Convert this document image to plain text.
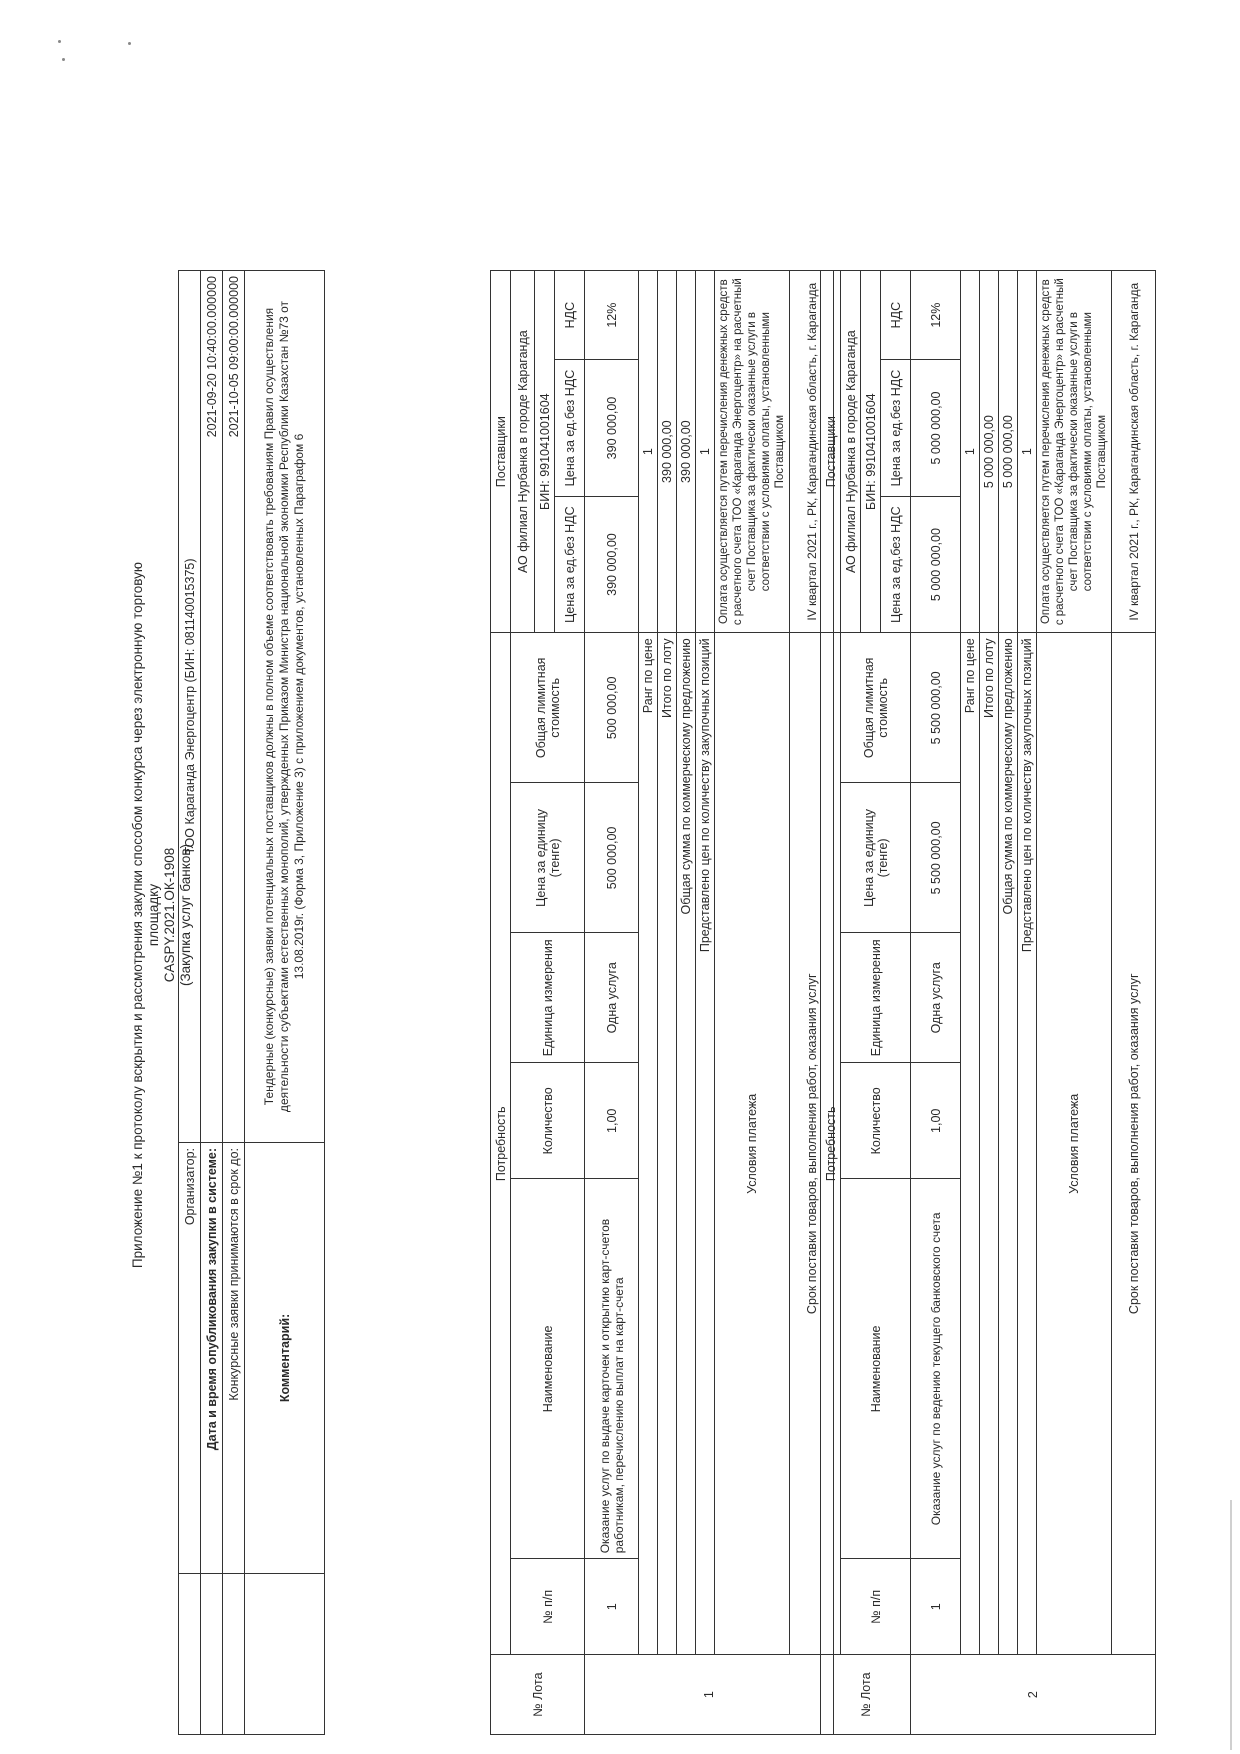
Приложение №1 к протоколу вскрытия и рассмотрения закупки способом конкурса через электронную торговую площадку CASPY.2021.ОК-1908 (Закупка услуг банков)
	Организатор:	ТОО Караганда Энергоцентр (БИН: 081140015375)
	Дата и время опубликования закупки в системе:	2021-09-20 10:40:00.000000
	Конкурсные заявки принимаются в срок до:	2021-10-05 09:00:00.000000
	Комментарий:	Тендерные (конкурсные) заявки потенциальных поставщиков должны в полном объеме соответствовать требованиям Правил осуществления деятельности субъектами естественных монополий, утвержденных Приказом Министра национальной экономики Республики Казахстан №73 от 13.08.2019г. (Форма 3, Приложение 3) с приложением документов, установленных Параграфом 6
№ Лота	Потребность						Поставщики		
	№ п/п	Наименование	Количество	Единица измерения	Цена за единицу (тенге)	Общая лимитная стоимость	АО филиал Нурбанка в городе Караганда		
							БИН: 991041001604		
							Цена за ед.без НДС	Цена за ед.без НДС	НДС
1	1	Оказание услуг по выдаче карточек и открытию карт-счетов работникам, перечислению выплат на карт-счета	1,00	Одна услуга	500 000,00	500 000,00	390 000,00	390 000,00	12%
	Ранг по цене						1		
	Итого по лоту						390 000,00		
	Общая сумма по коммерческому предложению						390 000,00		
	Представлено цен по количеству закупочных позиций						1		
	Условия платежа						Оплата осуществляется путем перечисления денежных средств с расчетного счета ТОО «Караганда Энергоцентр» на расчетный счет Поставщика за фактически оказанные услуги в соответствии с условиями оплаты, установленными Поставщиком		
	Срок поставки товаров, выполнения работ, оказания услуг						IV квартал 2021 г., РК, Карагандинская область, г. Караганда		
№ Лота	Потребность						Поставщики		
	№ п/п	Наименование	Количество	Единица измерения	Цена за единицу (тенге)	Общая лимитная стоимость	АО филиал Нурбанка в городе Караганда		
							БИН: 991041001604		
							Цена за ед.без НДС	Цена за ед.без НДС	НДС
2	1	Оказание услуг по ведению текущего банковского счета	1,00	Одна услуга	5 500 000,00	5 500 000,00	5 000 000,00	5 000 000,00	12%
	Ранг по цене						1		
	Итого по лоту						5 000 000,00		
	Общая сумма по коммерческому предложению						5 000 000,00		
	Представлено цен по количеству закупочных позиций						1		
	Условия платежа						Оплата осуществляется путем перечисления денежных средств с расчетного счета ТОО «Караганда Энергоцентр» на расчетный счет Поставщика за фактически оказанные услуги в соответствии с условиями оплаты, установленными Поставщиком		
	Срок поставки товаров, выполнения работ, оказания услуг						IV квартал 2021 г., РК, Карагандинская область, г. Караганда		
